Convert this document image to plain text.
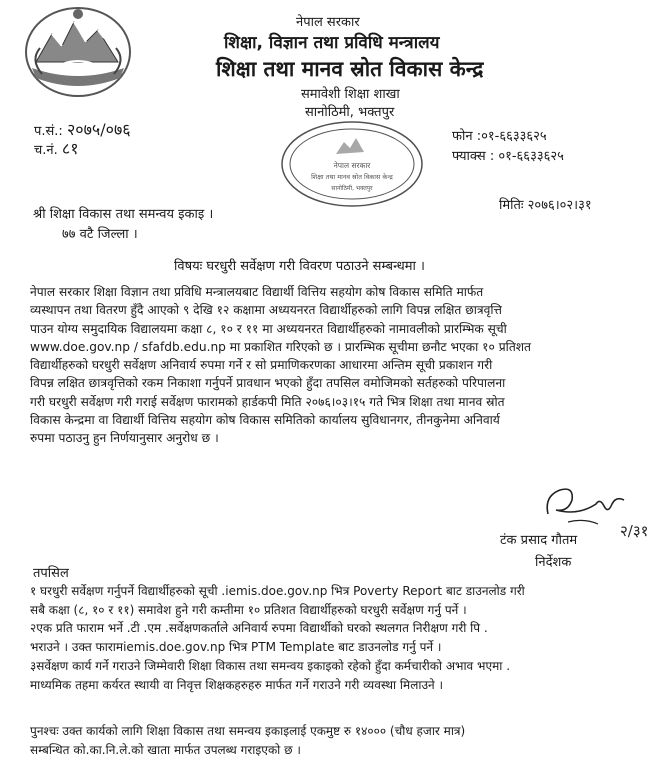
नेपाल सरकार
शिक्षा, विज्ञान तथा प्रविधि मन्त्रालय
शिक्षा तथा मानव स्रोत विकास केन्द्र
समावेशी शिक्षा शाखा
सानोठिमी, भक्तपुर
प.सं.: २०७५/०७६
च.नं. ८१
फोन :०१-६६३३६२५
फ्याक्स : ०१-६६३३६२५
नेपाल सरकार
शिक्षा तथा मानव स्रोत विकास केन्द्र
सानोठिमी, भक्तपुर
मितिः २०७६।०२।३१
श्री शिक्षा विकास तथा समन्वय इकाइ ।
७७ वटै जिल्ला ।
विषयः घरधुरी सर्वेक्षण गरी विवरण पठाउने सम्बन्धमा ।
नेपाल सरकार शिक्षा विज्ञान तथा प्रविधि मन्त्रालयबाट विद्यार्थी वित्तिय सहयोग कोष विकास समिति मार्फत
व्यस्थापन तथा वितरण हुँदै आएको ९ देखि १२ कक्षामा अध्ययनरत विद्यार्थीहरुको लागि विपन्न लक्षित छात्रवृत्ति
पाउन योग्य समुदायिक विद्यालयमा कक्षा ८, १० र ११ मा अध्ययनरत विद्यार्थीहरुको नामावलीको प्रारम्भिक सूची
www.doe.gov.np / sfafdb.edu.np मा प्रकाशित गरिएको छ । प्रारम्भिक सूचीमा छनौट भएका १० प्रतिशत
विद्यार्थीहरुको घरधुरी सर्वेक्षण अनिवार्य रुपमा गर्ने र सो प्रमाणिकरणका आधारमा अन्तिम सूची प्रकाशन गरी
विपन्न लक्षित छात्रवृत्तिको रकम निकाशा गर्नुपर्ने प्रावधान भएको हुँदा तपसिल वमोजिमको सर्तहरुको परिपालना
गरी घरधुरी सर्वेक्षण गरी गराई सर्वेक्षण फारामको हार्डकपी मिति २०७६।०३।१५ गते भित्र शिक्षा तथा मानव स्रोत
विकास केन्द्रमा वा विद्यार्थी वित्तिय सहयोग कोष विकास समितिको कार्यालय सुविधानगर, तीनकुनेमा अनिवार्य
रुपमा पठाउनु हुन निर्णयानुसार अनुरोध छ ।
२/३१
टंक प्रसाद गौतम
निर्देशक
तपसिल
१ घरधुरी सर्वेक्षण गर्नुपर्ने विद्यार्थीहरुको सूची .iemis.doe.gov.np भित्र Poverty Report बाट डाउनलोड गरी
सबै कक्षा (८, १० र ११) समावेश हुने गरी कम्तीमा १० प्रतिशत विद्यार्थीहरुको घरधुरी सर्वेक्षण गर्नु पर्ने ।
२एक प्रति फाराम भर्ने .टी .एम .सर्वेक्षणकर्ताले अनिवार्य रुपमा विद्यार्थीको घरको स्थलगत निरीक्षण गरी पि .
भराउने । उक्त फारामiemis.doe.gov.np भित्र PTM Template बाट डाउनलोड गर्नु पर्ने ।
३सर्वेक्षण कार्य गर्ने गराउने जिम्मेवारी शिक्षा विकास तथा समन्वय इकाइको रहेको हुँदा कर्मचारीको अभाव भएमा .
माध्यमिक तहमा कर्यरत स्थायी वा निवृत्त शिक्षकहरुहरु मार्फत गर्ने गराउने गरी व्यवस्था मिलाउने ।
पुनश्चः उक्त कार्यको लागि शिक्षा विकास तथा समन्वय इकाइलाई एकमुष्ट रु १४००० (चौध हजार मात्र)
सम्बन्धित को.का.नि.ले.को खाता मार्फत उपलब्ध गराइएको छ ।
